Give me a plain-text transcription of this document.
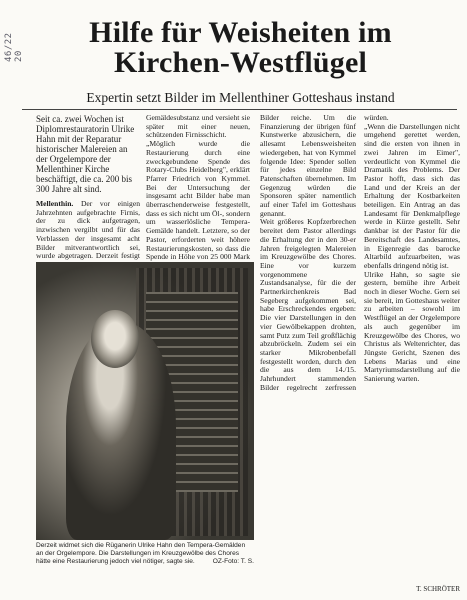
46/22 20
Hilfe für Weisheiten im
Kirchen-Westflügel
Expertin setzt Bilder im Mellenthiner Gotteshaus instand
Seit ca. zwei Wochen ist Diplomrestauratorin Ulrike Hahn mit der Reparatur historischer Malereien an der Orgelempore der Mellenthiner Kirche beschäftigt, die ca. 200 bis 300 Jahre alt sind.

Mellenthin. Der vor einigen Jahrzehnten aufgebrachte Firnis, der zu dick aufgetragen, inzwischen vergilbt und für das Verblassen der insgesamt acht Bilder mitverantwortlich sei, wurde abgetragen. Derzeit festigt

Gemäldesubstanz und versieht sie später mit einer neuen, schützenden Firnisschicht.
„Möglich wurde die Restaurierung durch eine zweckgebundene Spende des Rotary-Clubs Heidelberg", erklärt Pfarrer Friedrich von Kymmel. Bei der Untersuchung der insgesamt acht Bilder habe man überraschenderweise festgestellt, dass es sich nicht um Öl-, sondern um wasserlösliche Tempera-Gemälde handelt. Letztere, so der Pastor, erforderten weit höhere Restaurierungskosten, so dass die Spende in Höhe von 25 000 Mark

Bilder reiche. Um die Finanzierung der übrigen fünf Kunstwerke abzusichern, die allesamt Lebensweisheiten wiedergeben, hat von Kymmel folgende Idee: Spender sollen für jedes einzelne Bild Patenschaften übernehmen. Im Gegenzug würden die Sponsoren später namentlich auf einer Tafel im Gotteshaus genannt.
Weit größeres Kopfzerbrechen bereitet dem Pastor allerdings die Erhaltung der in den 30-er Jahren freigelegten Malereien im Kreuzgewölbe des Chores. Eine vor kurzem vorgenommene Zustandsanalyse, für die der Partnerkirchenkreis Bad Segeberg aufgekommen sei, habe Erschreckendes ergeben: Die vier Darstellungen in den vier Gewölbekappen drohten, samt Putz zum Teil großflächig abzubröckeln. Zudem sei ein starker Mikrobenbefall festgestellt worden, durch den die aus dem 14./15. Jahrhundert stammenden Bilder regelrecht zerfressen würden.
„Wenn die Darstellungen nicht umgehend gerettet werden, sind die ersten von ihnen in zwei Jahren im Eimer", verdeutlicht von Kymmel die Dramatik des Problems. Der Pastor hofft, dass sich das Land und der Kreis an der Erhaltung der Kostbarkeiten beteiligen. Ein Antrag an das Landesamt für Denkmalpflege werde in Kürze gestellt. Sehr dankbar ist der Pastor für die Bereitschaft des Landesamtes, in Eigenregie das barocke Altarbild aufzuarbeiten, was ebenfalls dringend nötig ist.
Ulrike Hahn, so sagte sie gestern, bemühe ihre Arbeit noch in dieser Woche. Gern sei sie bereit, im Gotteshaus weiter zu arbeiten – sowohl im Westflügel an der Orgelempore als auch gegenüber im Kreuzgewölbe des Chores, wo Christus als Weltenrichter, das Jüngste Gericht, Szenen des Lebens Marias und eine Martyriumsdarstellung auf die Sanierung warten.

T. SCHRÖTER
Derzeit widmet sich die Rüganerin Ulrike Hahn den Tempera-Gemälden an der Orgelempore. Die Darstellungen im Kreuzgewölbe des Chores hätte eine Restaurierung jedoch viel nötiger, sagte sie.	OZ-Foto: T. S.
